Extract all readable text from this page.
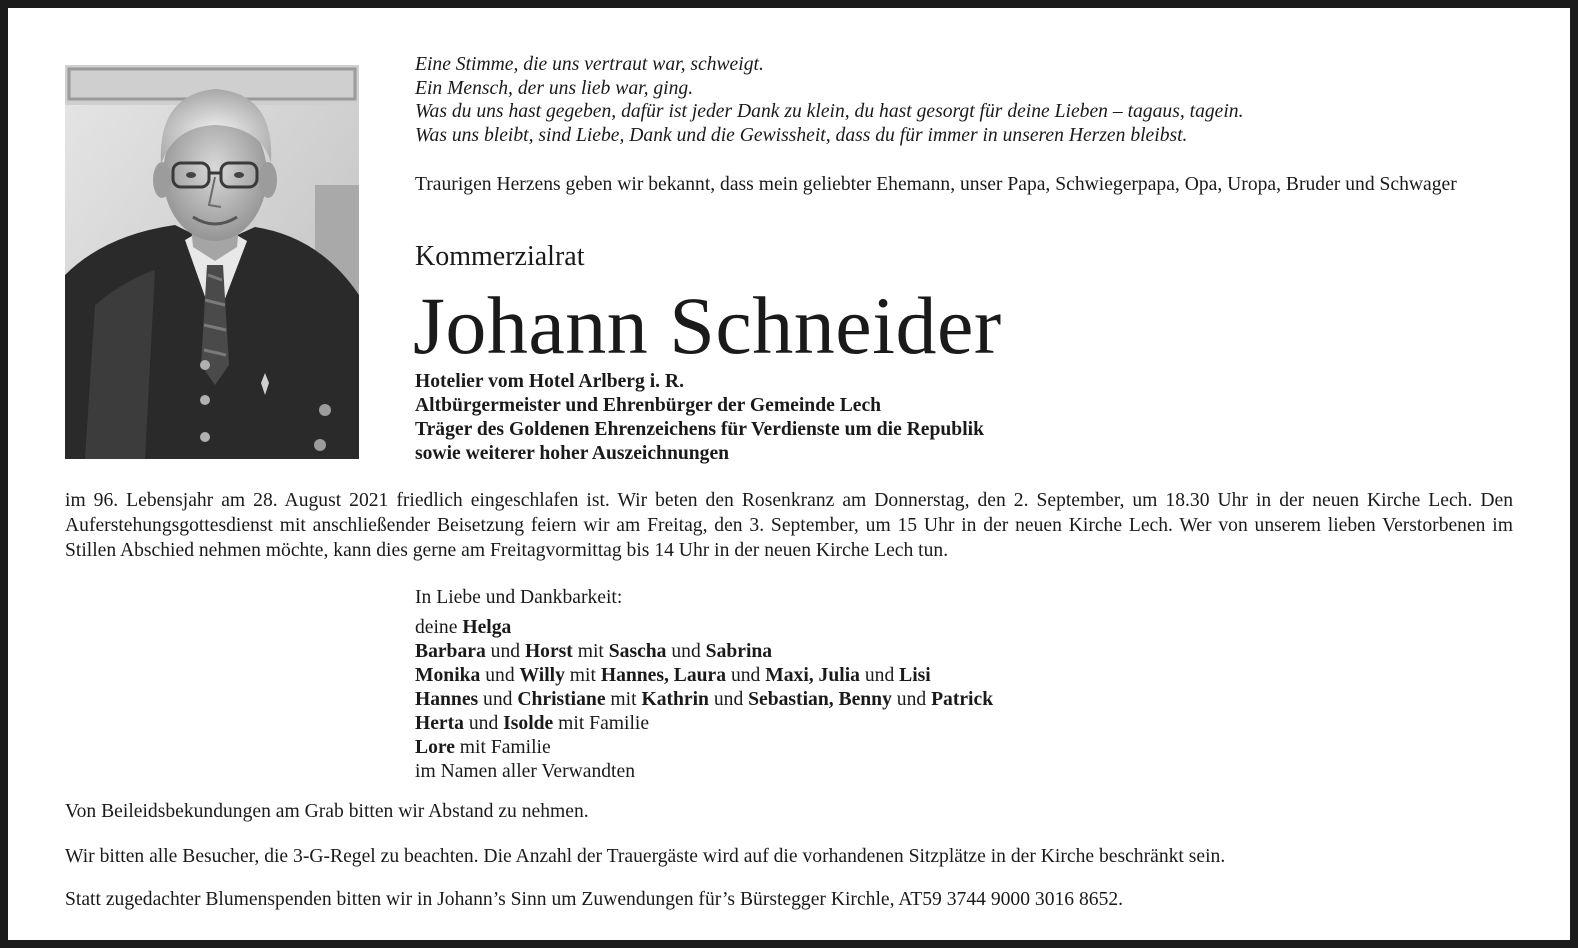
Eine Stimme, die uns vertraut war, schweigt.
Ein Mensch, der uns lieb war, ging.
Was du uns hast gegeben, dafür ist jeder Dank zu klein, du hast gesorgt für deine Lieben – tagaus, tagein.
Was uns bleibt, sind Liebe, Dank und die Gewissheit, dass du für immer in unseren Herzen bleibst.

Traurigen Herzens geben wir bekannt, dass mein geliebter Ehemann, unser Papa, Schwiegerpapa, Opa, Uropa, Bruder und Schwager

Kommerzialrat
Johann Schneider
Hotelier vom Hotel Arlberg i. R.
Altbürgermeister und Ehrenbürger der Gemeinde Lech
Träger des Goldenen Ehrenzeichens für Verdienste um die Republik
sowie weiterer hoher Auszeichnungen

im 96. Lebensjahr am 28. August 2021 friedlich eingeschlafen ist. Wir beten den Rosenkranz am Donnerstag, den 2. September, um 18.30 Uhr in der neuen Kirche Lech. Den Auferstehungsgottesdienst mit anschließender Beisetzung feiern wir am Freitag, den 3. September, um 15 Uhr in der neuen Kirche Lech. Wer von unserem lieben Verstorbenen im Stillen Abschied nehmen möchte, kann dies gerne am Freitagvormittag bis 14 Uhr in der neuen Kirche Lech tun.

In Liebe und Dankbarkeit:
deine Helga
Barbara und Horst mit Sascha und Sabrina
Monika und Willy mit Hannes, Laura und Maxi, Julia und Lisi
Hannes und Christiane mit Kathrin und Sebastian, Benny und Patrick
Herta und Isolde mit Familie
Lore mit Familie
im Namen aller Verwandten
Von Beileidsbekundungen am Grab bitten wir Abstand zu nehmen.
Wir bitten alle Besucher, die 3-G-Regel zu beachten. Die Anzahl der Trauergäste wird auf die vorhandenen Sitzplätze in der Kirche beschränkt sein.
Statt zugedachter Blumenspenden bitten wir in Johann’s Sinn um Zuwendungen für’s Bürstegger Kirchle, AT59 3744 9000 3016 8652.
